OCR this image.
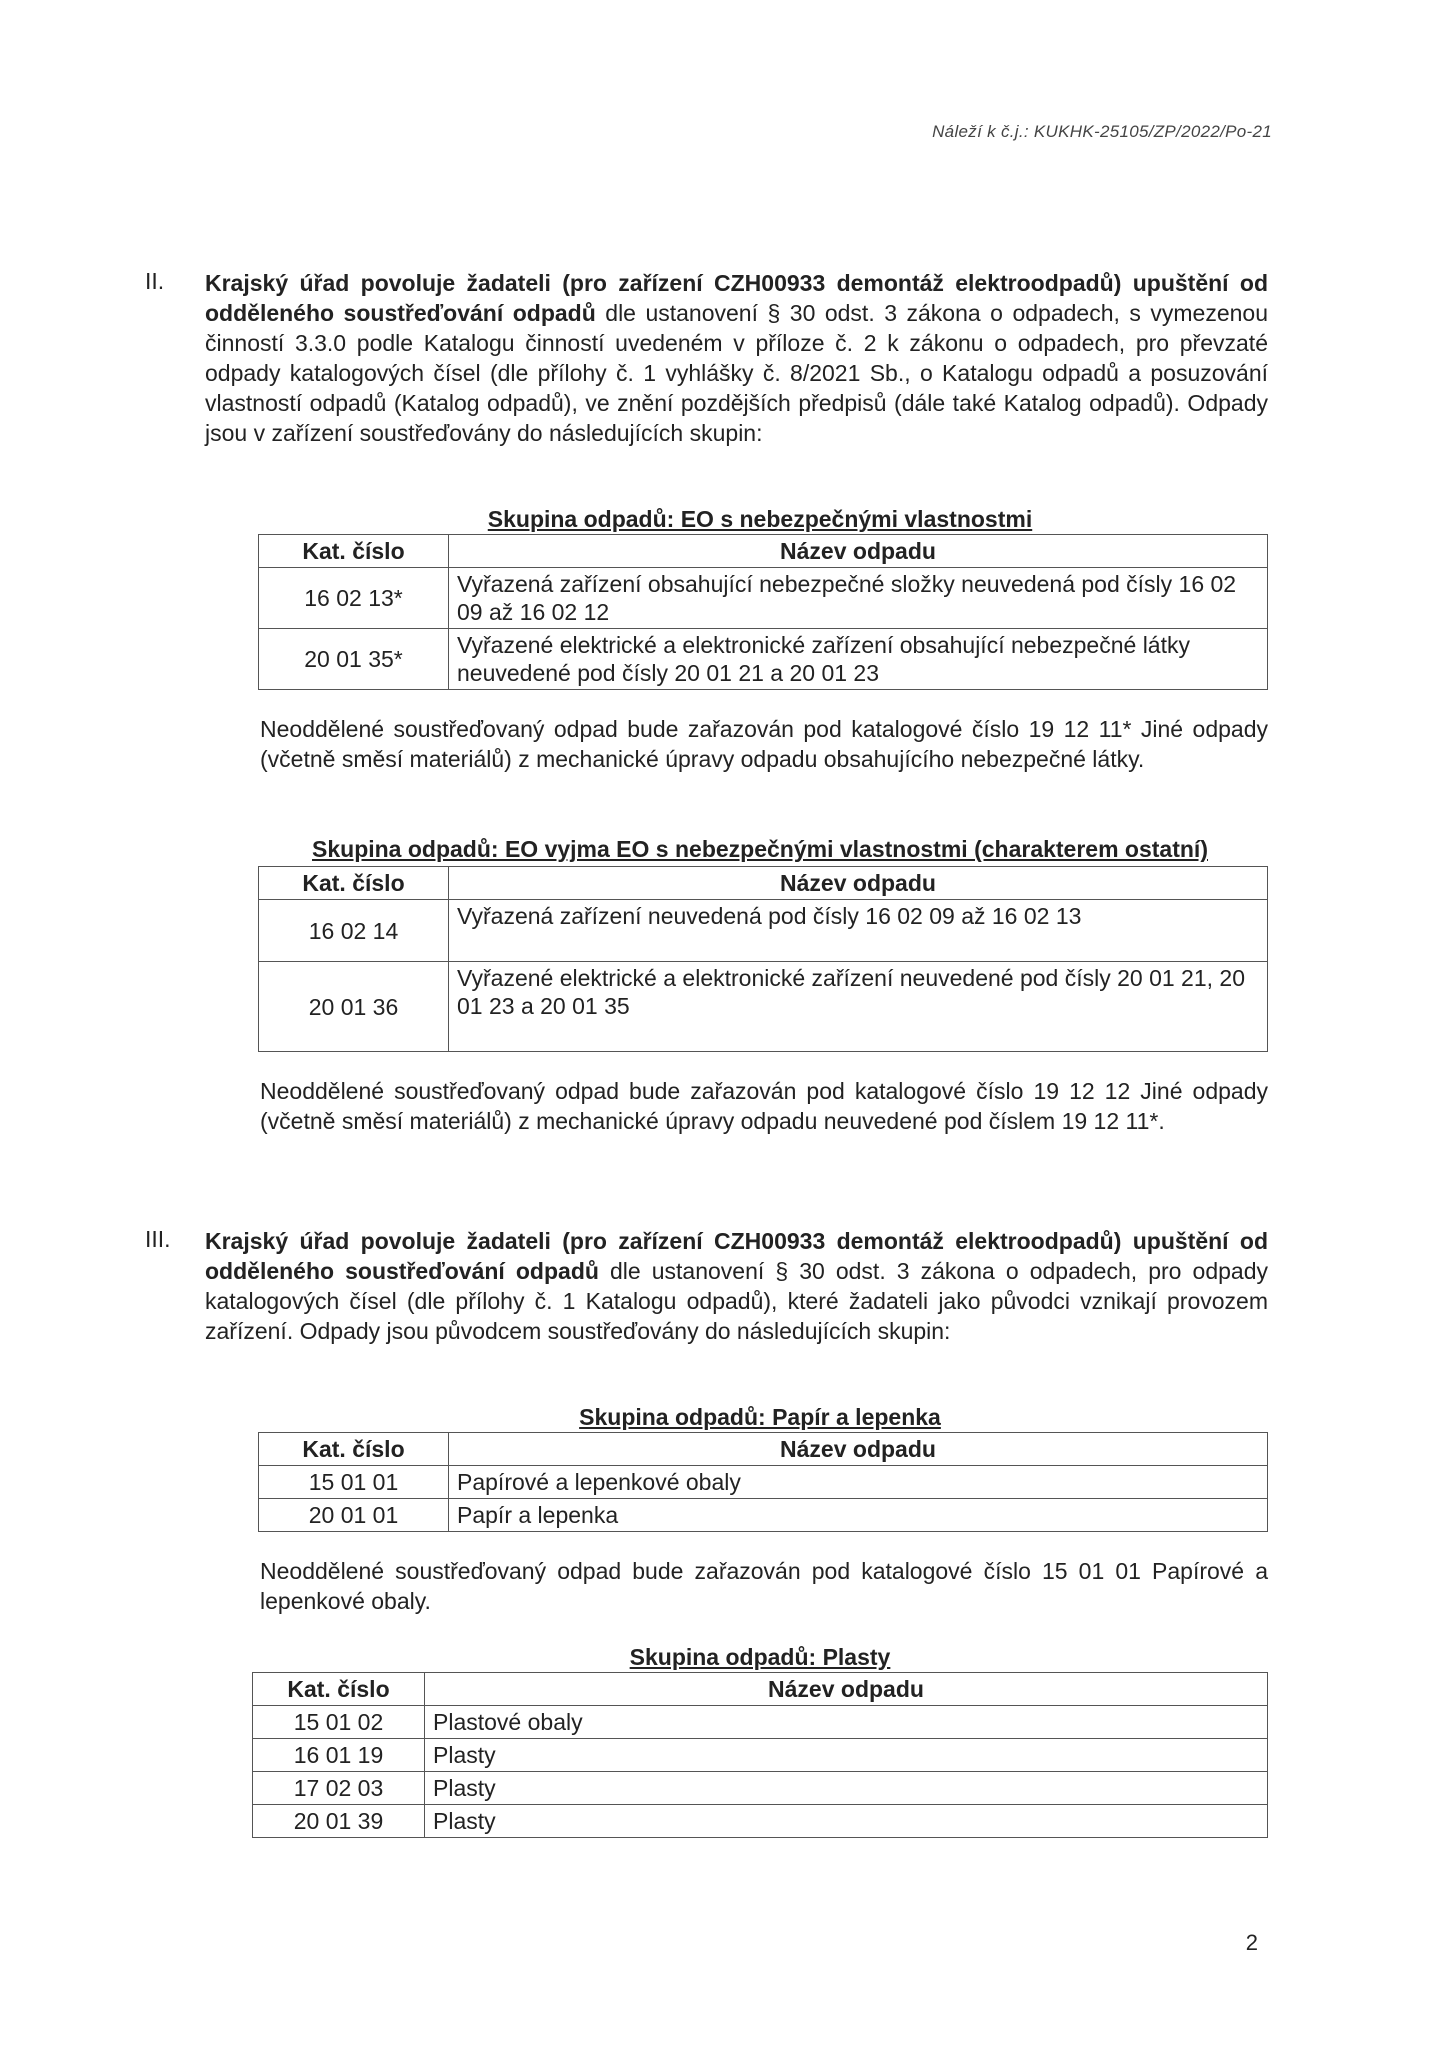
Náleží k č.j.: KUKHK-25105/ZP/2022/Po-21
II. Krajský úřad povoluje žadateli (pro zařízení CZH00933 demontáž elektroodpadů) upuštění od odděleného soustřeďování odpadů dle ustanovení § 30 odst. 3 zákona o odpadech, s vymezenou činností 3.3.0 podle Katalogu činností uvedeném v příloze č. 2 k zákonu o odpadech, pro převzaté odpady katalogových čísel (dle přílohy č. 1 vyhlášky č. 8/2021 Sb., o Katalogu odpadů a posuzování vlastností odpadů (Katalog odpadů), ve znění pozdějších předpisů (dále také Katalog odpadů). Odpady jsou v zařízení soustřeďovány do následujících skupin:

Skupina odpadů: EO s nebezpečnými vlastnostmi
Kat. číslo	Název odpadu
16 02 13*	Vyřazená zařízení obsahující nebezpečné složky neuvedená pod čísly 16 02 09 až 16 02 12
20 01 35*	Vyřazené elektrické a elektronické zařízení obsahující nebezpečné látky neuvedené pod čísly 20 01 21 a 20 01 23

Neoddělené soustřeďovaný odpad bude zařazován pod katalogové číslo 19 12 11* Jiné odpady (včetně směsí materiálů) z mechanické úpravy odpadu obsahujícího nebezpečné látky.

Skupina odpadů: EO vyjma EO s nebezpečnými vlastnostmi (charakterem ostatní)
Kat. číslo	Název odpadu
16 02 14	Vyřazená zařízení neuvedená pod čísly 16 02 09 až 16 02 13
20 01 36	Vyřazené elektrické a elektronické zařízení neuvedené pod čísly 20 01 21, 20 01 23 a 20 01 35

Neoddělené soustřeďovaný odpad bude zařazován pod katalogové číslo 19 12 12 Jiné odpady (včetně směsí materiálů) z mechanické úpravy odpadu neuvedené pod číslem 19 12 11*.

III. Krajský úřad povoluje žadateli (pro zařízení CZH00933 demontáž elektroodpadů) upuštění od odděleného soustřeďování odpadů dle ustanovení § 30 odst. 3 zákona o odpadech, pro odpady katalogových čísel (dle přílohy č. 1 Katalogu odpadů), které žadateli jako původci vznikají provozem zařízení. Odpady jsou původcem soustřeďovány do následujících skupin:

Skupina odpadů: Papír a lepenka
Kat. číslo	Název odpadu
15 01 01	Papírové a lepenkové obaly
20 01 01	Papír a lepenka

Neoddělené soustřeďovaný odpad bude zařazován pod katalogové číslo 15 01 01 Papírové a lepenkové obaly.

Skupina odpadů: Plasty
Kat. číslo	Název odpadu
15 01 02	Plastové obaly
16 01 19	Plasty
17 02 03	Plasty
20 01 39	Plasty
2
